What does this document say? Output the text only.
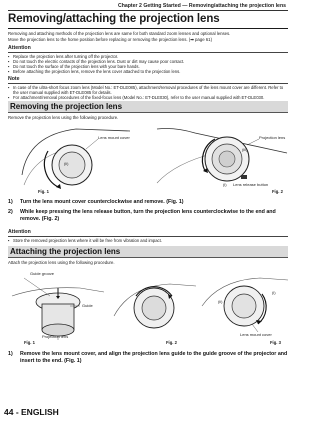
Chapter 2 Getting Started — Removing/attaching the projection lens
Removing/attaching the projection lens
Removing and attaching methods of the projection lens are same for both standard zoom lenses and optional lenses.
Move the projection lens to the home position before replacing or removing the projection lens. (➡ page 61)
Attention
▪ Replace the projection lens after turning off the projector.
▪ Do not touch the electric contacts of the projection lens. Dust or dirt may cause poor contact.
▪ Do not touch the surface of the projection lens with your bare hands.
▪ Before attaching the projection lens, remove the lens cover attached to the projection lens.
Note
▪ In case of the ultra-short focus zoom lens (Model No.: ET-DLE085), attachment/removal procedures of the lens mount cover are different. Refer to the user manual supplied with ET-DLE085 for details.
▪ For attachment/removal procedures of the fixed-focus lens (Model No.: ET-DLE030), refer to the user manual supplied with ET-DLE030.
Removing the projection lens
Remove the projection lens using the following procedure.
Lens mount cover
(ii)
Fig. 1
Projection lens
(iii)
(i) Lens release button
Fig. 2
1) Turn the lens mount cover counterclockwise and remove. (Fig. 1)
2) While keep pressing the lens release button, turn the projection lens counterclockwise to the end and remove. (Fig. 2)
Attention
▪ Store the removed projection lens where it will be free from vibration and impact.
Attaching the projection lens
Attach the projection lens using the following procedure.
Guide groove
Guide
Projection lens
Fig. 1	Fig. 2
(i)
(ii)
Lens mount cover
Fig. 3
1) Remove the lens mount cover, and align the projection lens guide to the guide groove of the projector and insert to the end. (Fig. 1)
44 - ENGLISH
